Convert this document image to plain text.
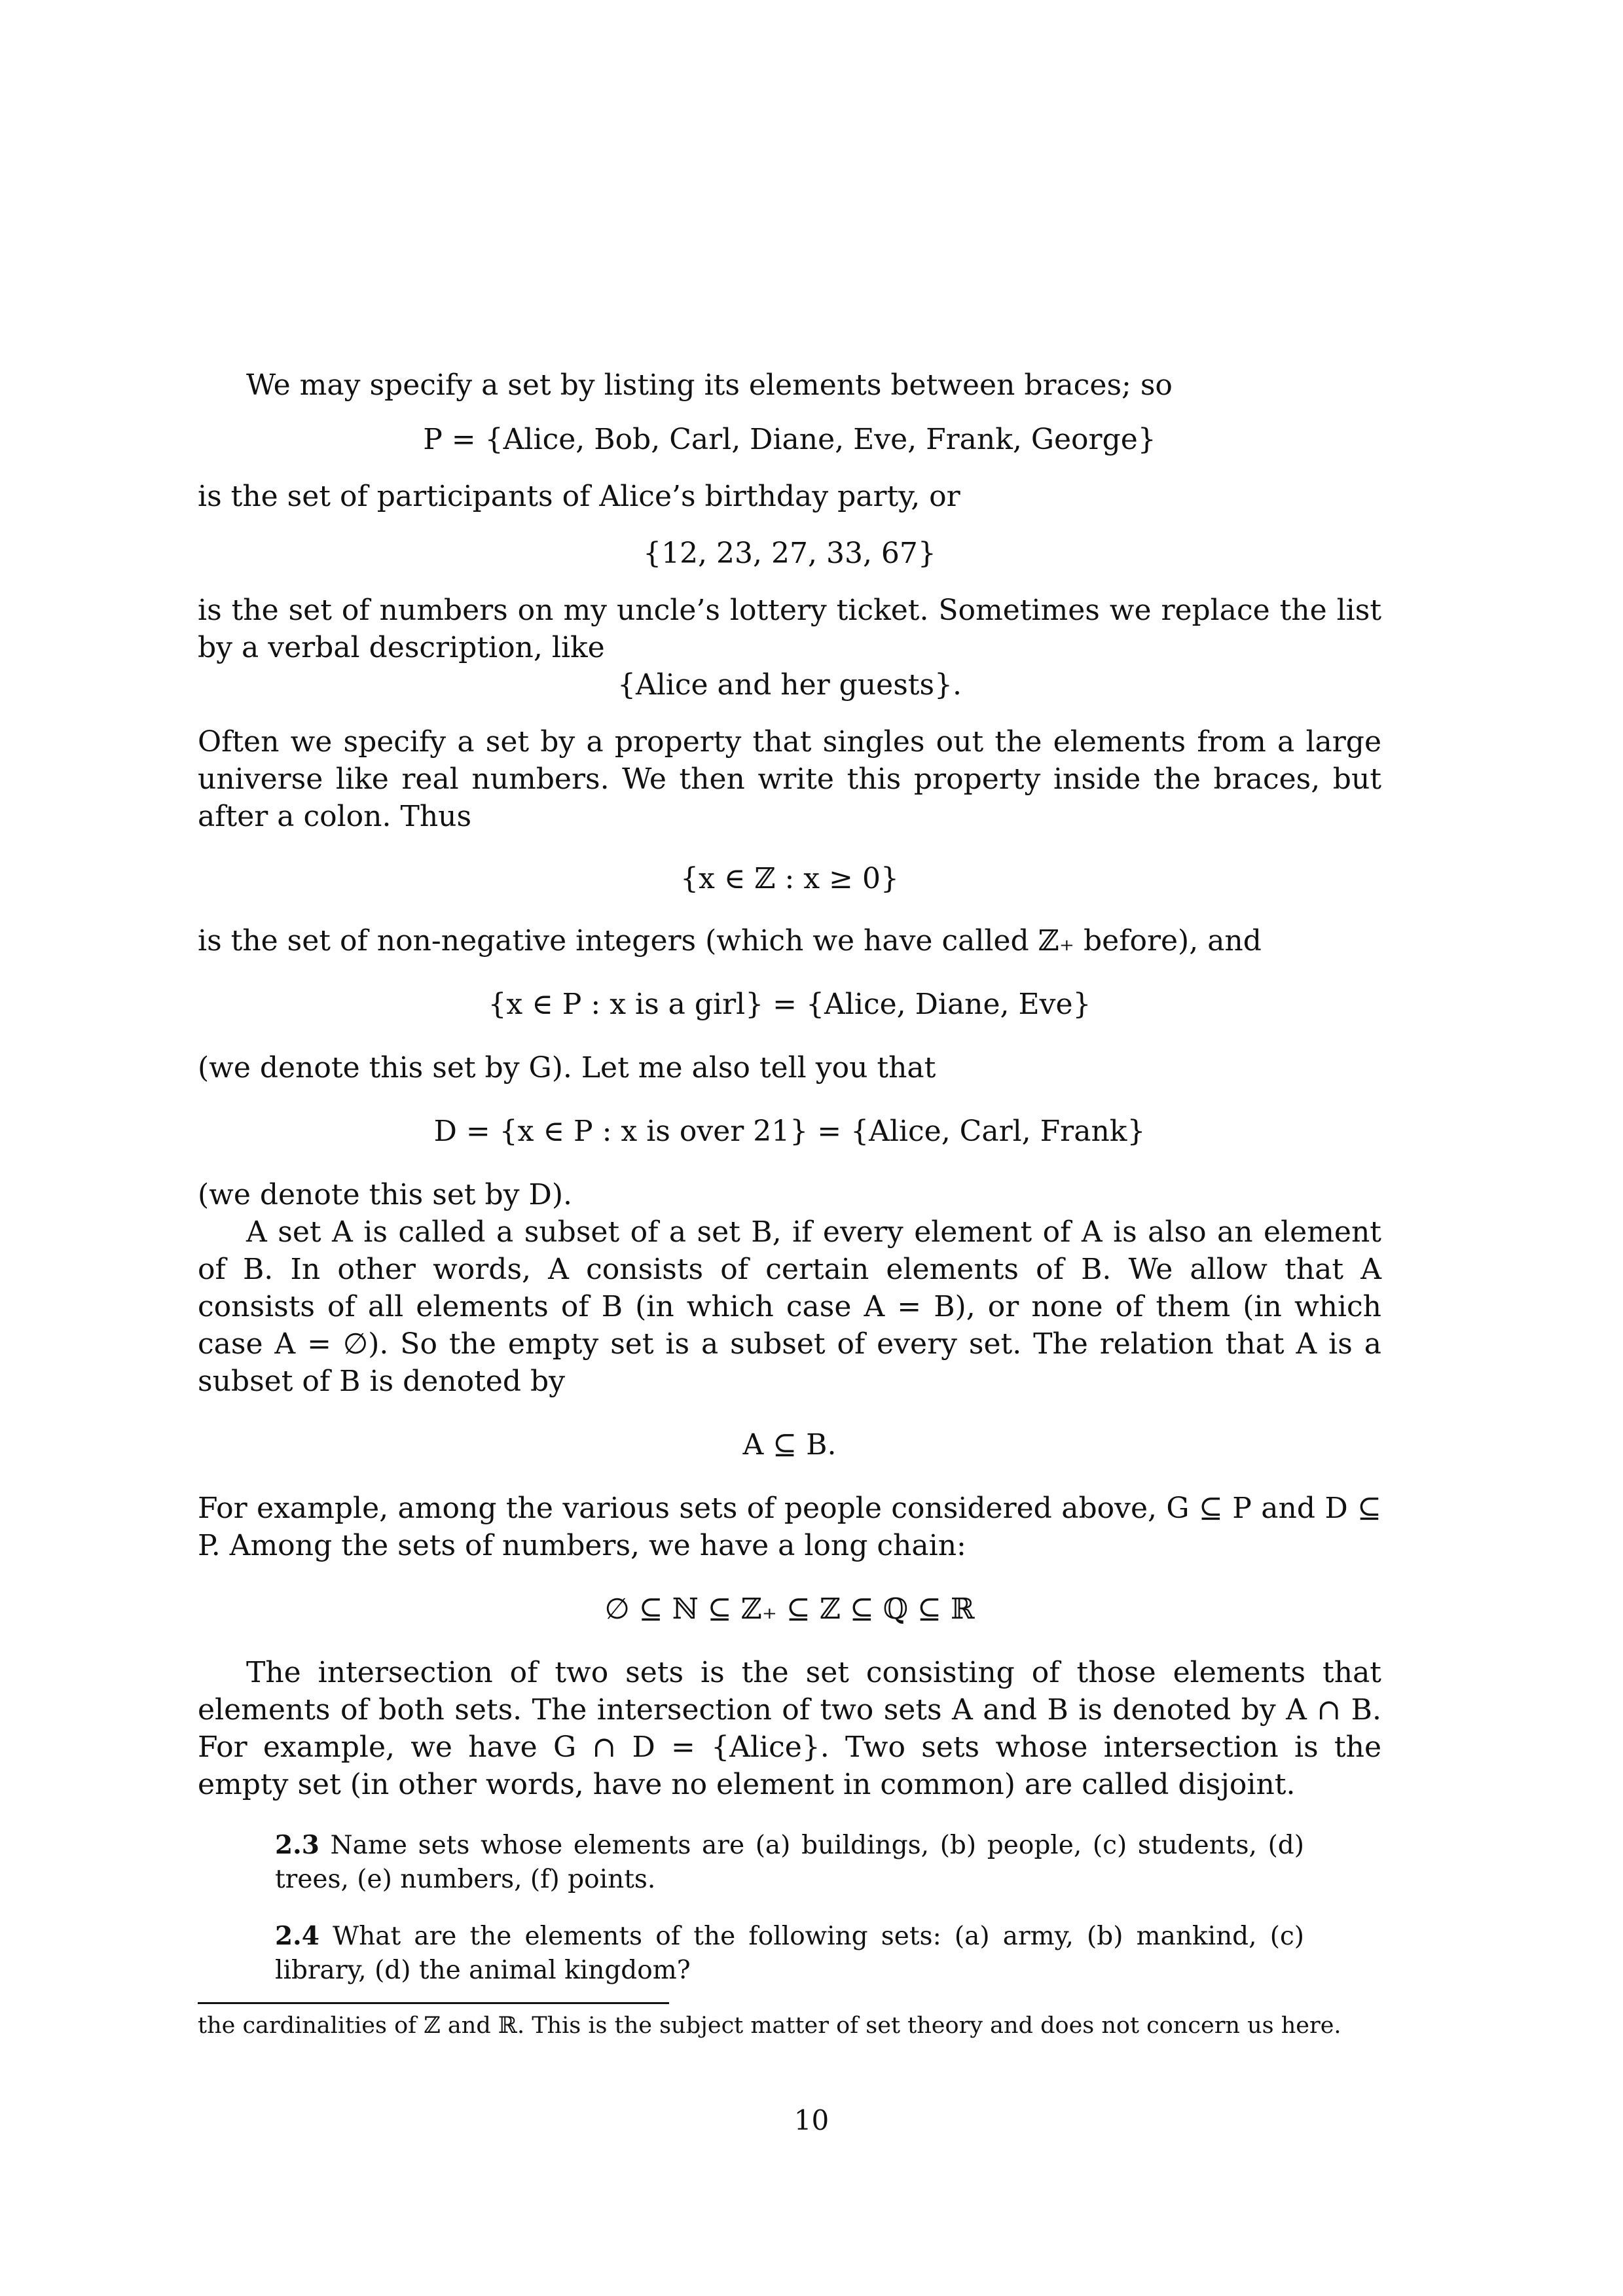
We may specify a set by listing its elements between braces; so

P = {Alice, Bob, Carl, Diane, Eve, Frank, George}

is the set of participants of Alice’s birthday party, or

{12, 23, 27, 33, 67}

is the set of numbers on my uncle’s lottery ticket. Sometimes we replace the list by a verbal description, like

{Alice and her guests}.

Often we specify a set by a property that singles out the elements from a large universe like real numbers. We then write this property inside the braces, but after a colon. Thus

{x ∈ ℤ : x ≥ 0}

is the set of non-negative integers (which we have called ℤ₊ before), and

{x ∈ P : x is a girl} = {Alice, Diane, Eve}

(we denote this set by G). Let me also tell you that

D = {x ∈ P : x is over 21} = {Alice, Carl, Frank}

(we denote this set by D).

A set A is called a subset of a set B, if every element of A is also an element of B. In other words, A consists of certain elements of B. We allow that A consists of all elements of B (in which case A = B), or none of them (in which case A = ∅). So the empty set is a subset of every set. The relation that A is a subset of B is denoted by

A ⊆ B.

For example, among the various sets of people considered above, G ⊆ P and D ⊆ P. Among the sets of numbers, we have a long chain:

∅ ⊆ ℕ ⊆ ℤ₊ ⊆ ℤ ⊆ ℚ ⊆ ℝ

The intersection of two sets is the set consisting of those elements that elements of both sets. The intersection of two sets A and B is denoted by A ∩ B. For example, we have G ∩ D = {Alice}. Two sets whose intersection is the empty set (in other words, have no element in common) are called disjoint.

2.3 Name sets whose elements are (a) buildings, (b) people, (c) students, (d) trees, (e) numbers, (f) points.
2.4 What are the elements of the following sets: (a) army, (b) mankind, (c) library, (d) the animal kingdom?

the cardinalities of ℤ and ℝ. This is the subject matter of set theory and does not concern us here.

10
